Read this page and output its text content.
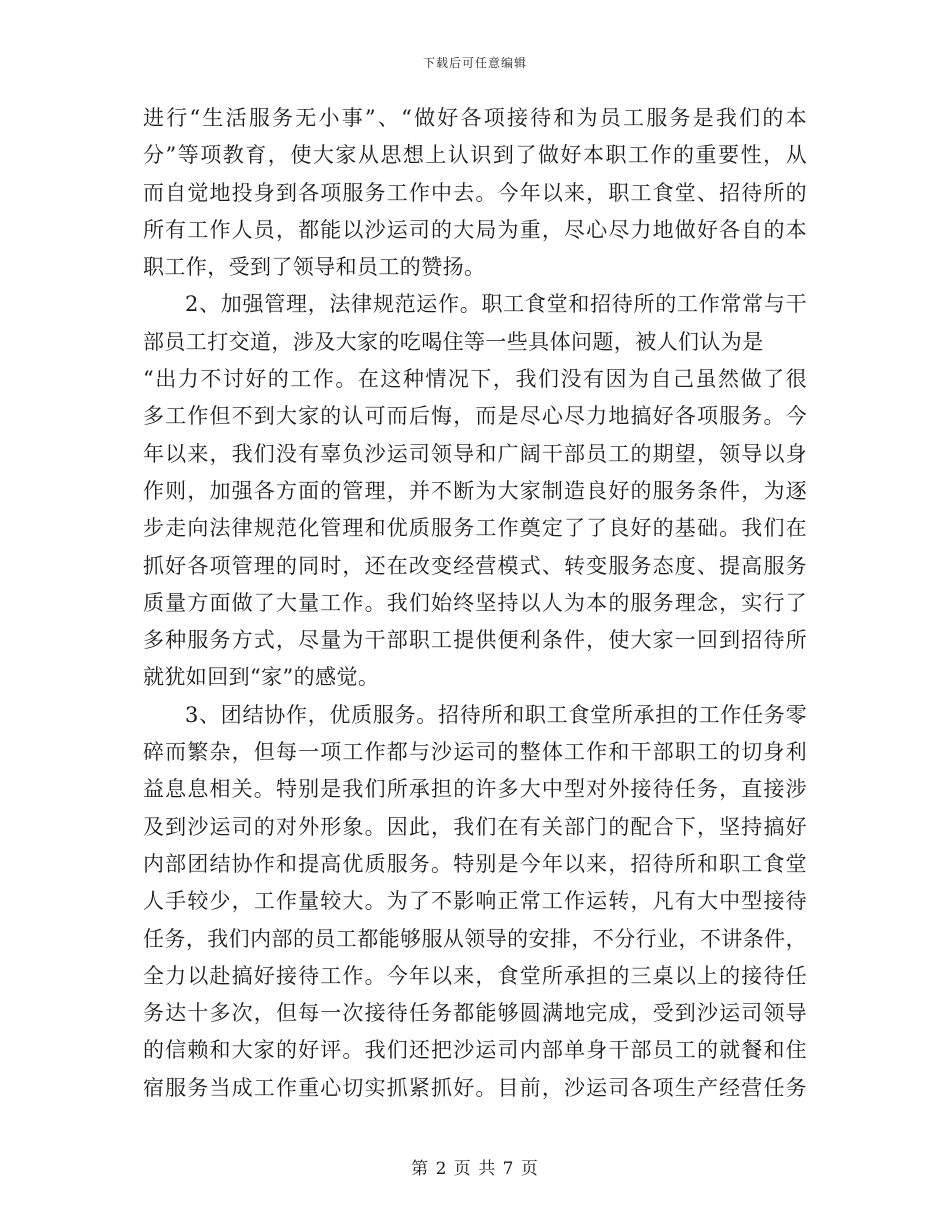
下载后可任意编辑
进行“生活服务无小事”、“做好各项接待和为员工服务是我们的本
分”等项教育，使大家从思想上认识到了做好本职工作的重要性，从
而自觉地投身到各项服务工作中去。今年以来，职工食堂、招待所的
所有工作人员，都能以沙运司的大局为重，尽心尽力地做好各自的本
职工作，受到了领导和员工的赞扬。
2、加强管理，法律规范运作。职工食堂和招待所的工作常常与干
部员工打交道，涉及大家的吃喝住等一些具体问题，被人们认为是
“出力不讨好的工作。在这种情况下，我们没有因为自己虽然做了很
多工作但不到大家的认可而后悔，而是尽心尽力地搞好各项服务。今
年以来，我们没有辜负沙运司领导和广阔干部员工的期望，领导以身
作则，加强各方面的管理，并不断为大家制造良好的服务条件，为逐
步走向法律规范化管理和优质服务工作奠定了了良好的基础。我们在
抓好各项管理的同时，还在改变经营模式、转变服务态度、提高服务
质量方面做了大量工作。我们始终坚持以人为本的服务理念，实行了
多种服务方式，尽量为干部职工提供便利条件，使大家一回到招待所
就犹如回到“家”的感觉。
3、团结协作，优质服务。招待所和职工食堂所承担的工作任务零
碎而繁杂，但每一项工作都与沙运司的整体工作和干部职工的切身利
益息息相关。特别是我们所承担的许多大中型对外接待任务，直接涉
及到沙运司的对外形象。因此，我们在有关部门的配合下，坚持搞好
内部团结协作和提高优质服务。特别是今年以来，招待所和职工食堂
人手较少，工作量较大。为了不影响正常工作运转，凡有大中型接待
任务，我们内部的员工都能够服从领导的安排，不分行业，不讲条件，
全力以赴搞好接待工作。今年以来，食堂所承担的三桌以上的接待任
务达十多次，但每一次接待任务都能够圆满地完成，受到沙运司领导
的信赖和大家的好评。我们还把沙运司内部单身干部员工的就餐和住
宿服务当成工作重心切实抓紧抓好。目前，沙运司各项生产经营任务
第 2 页 共 7 页
